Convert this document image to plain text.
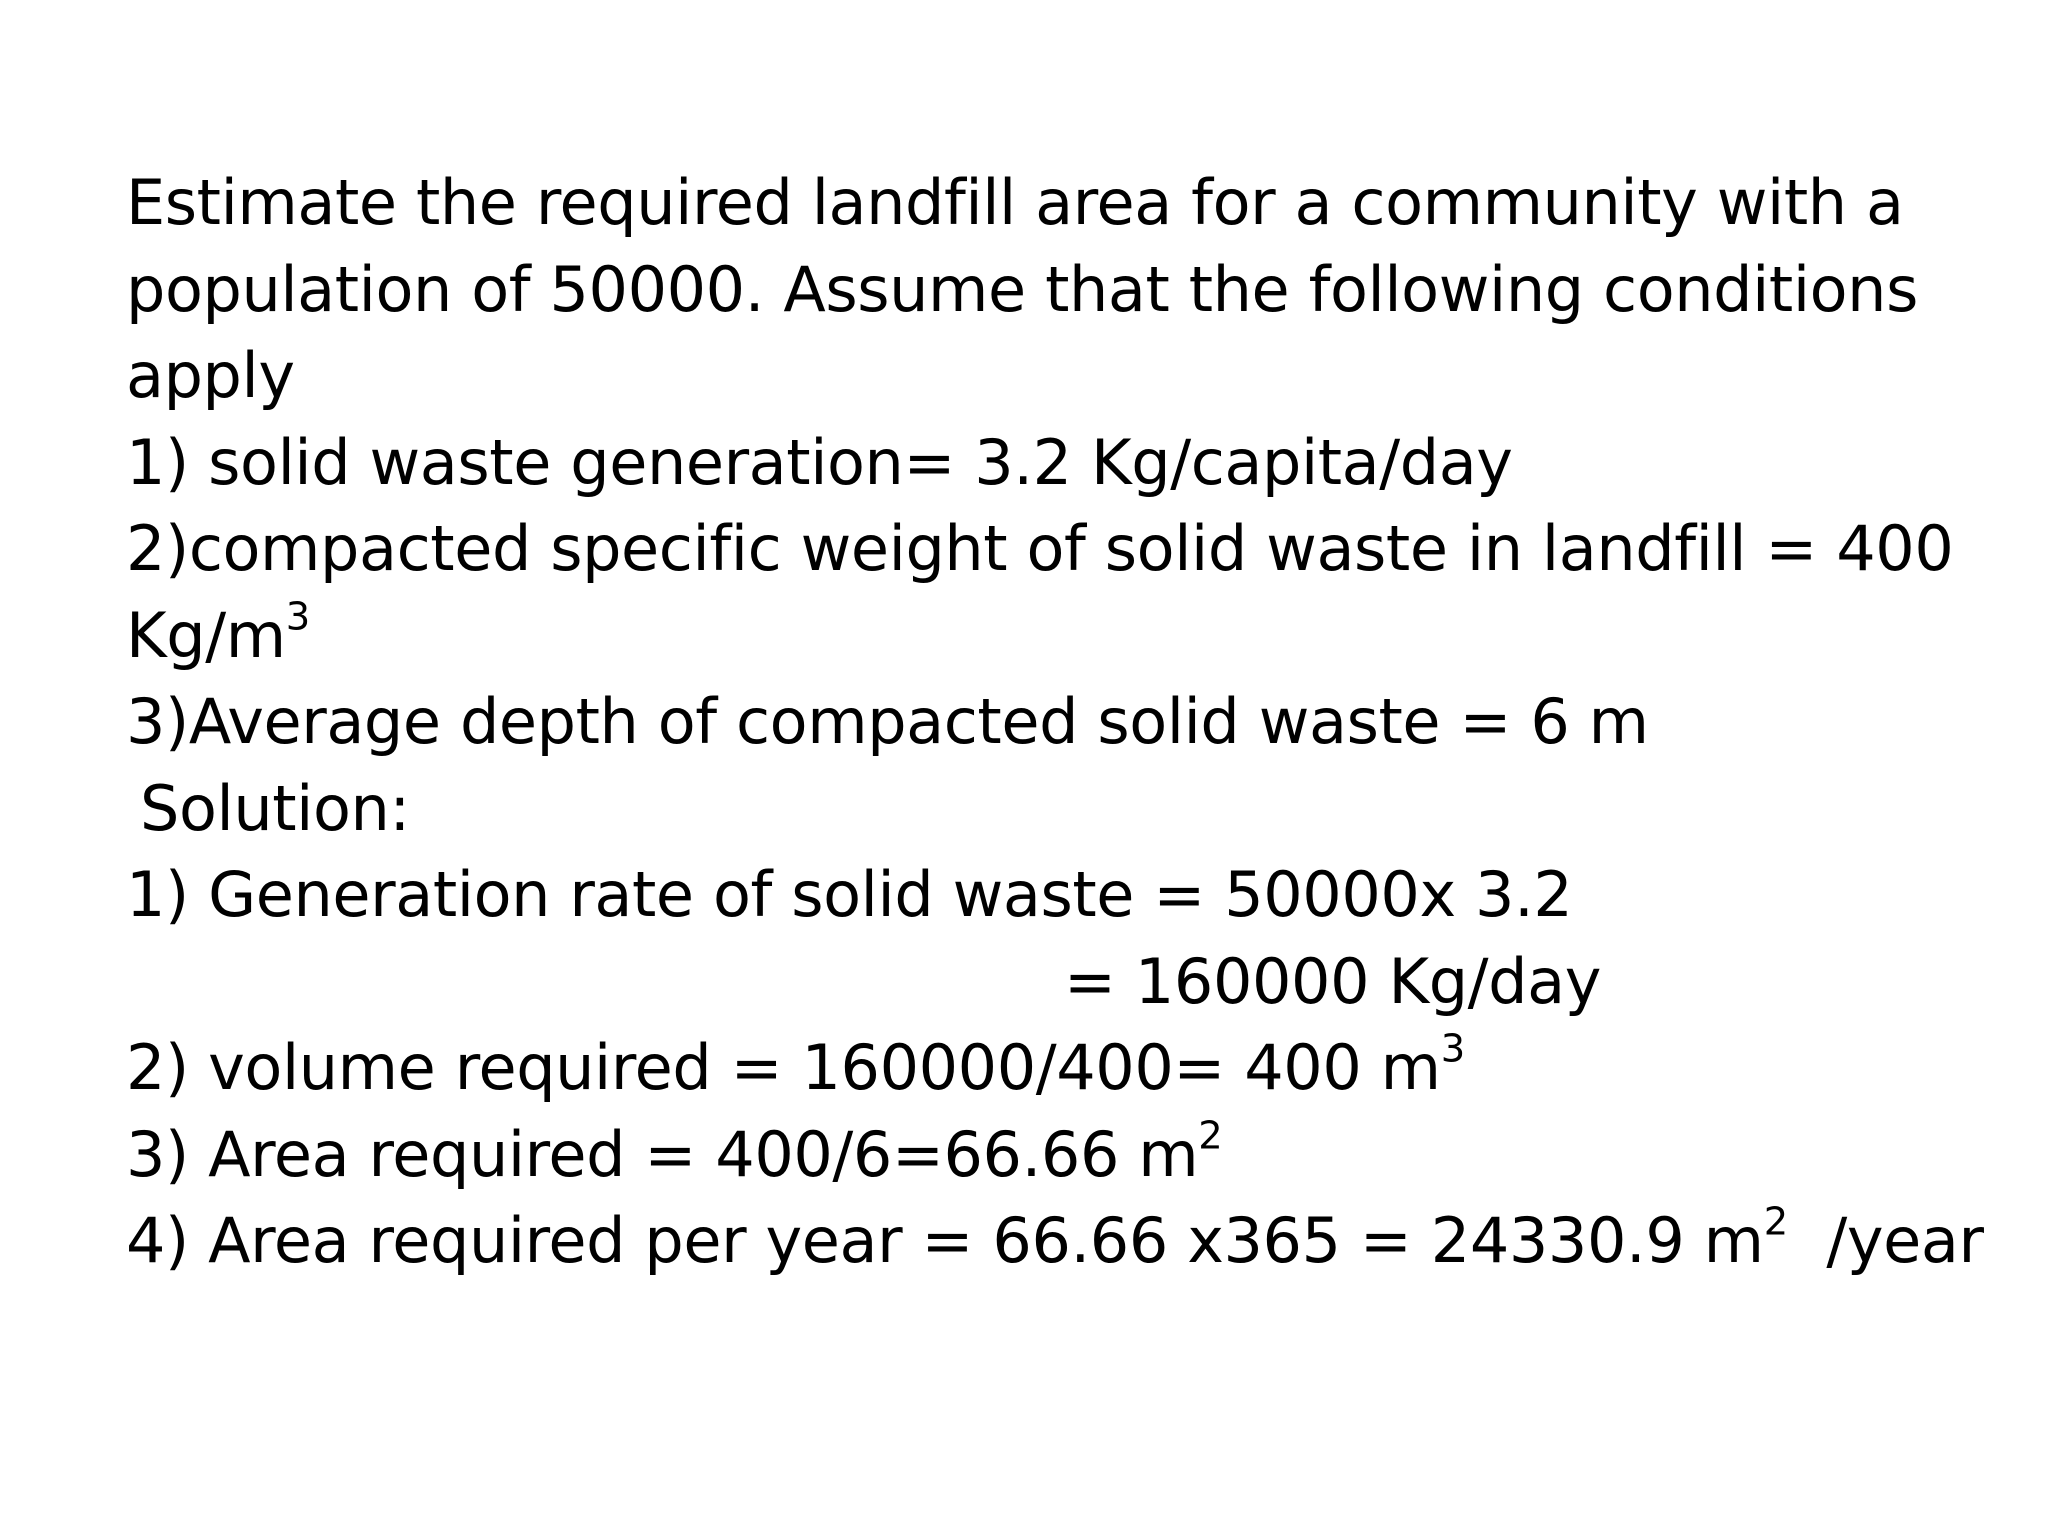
Estimate the required landfill area for a community with a

population of 50000. Assume that the following conditions

apply

1) solid waste generation= 3.2 Kg/capita/day

2)compacted specific weight of solid waste in landfill = 400

$Kg/m^3$

3)Average depth of compacted solid waste = 6 m

Solution:

1) Generation rate of solid waste = 50000x 3.2

= 160000 Kg/day

2) volume required = 160000/400= 400 $m^3$

3) Area required = 400/6=66.66 $m^2$

4) Area required per year = 66.66 x365 = 24330.9 $m^2$ /year
